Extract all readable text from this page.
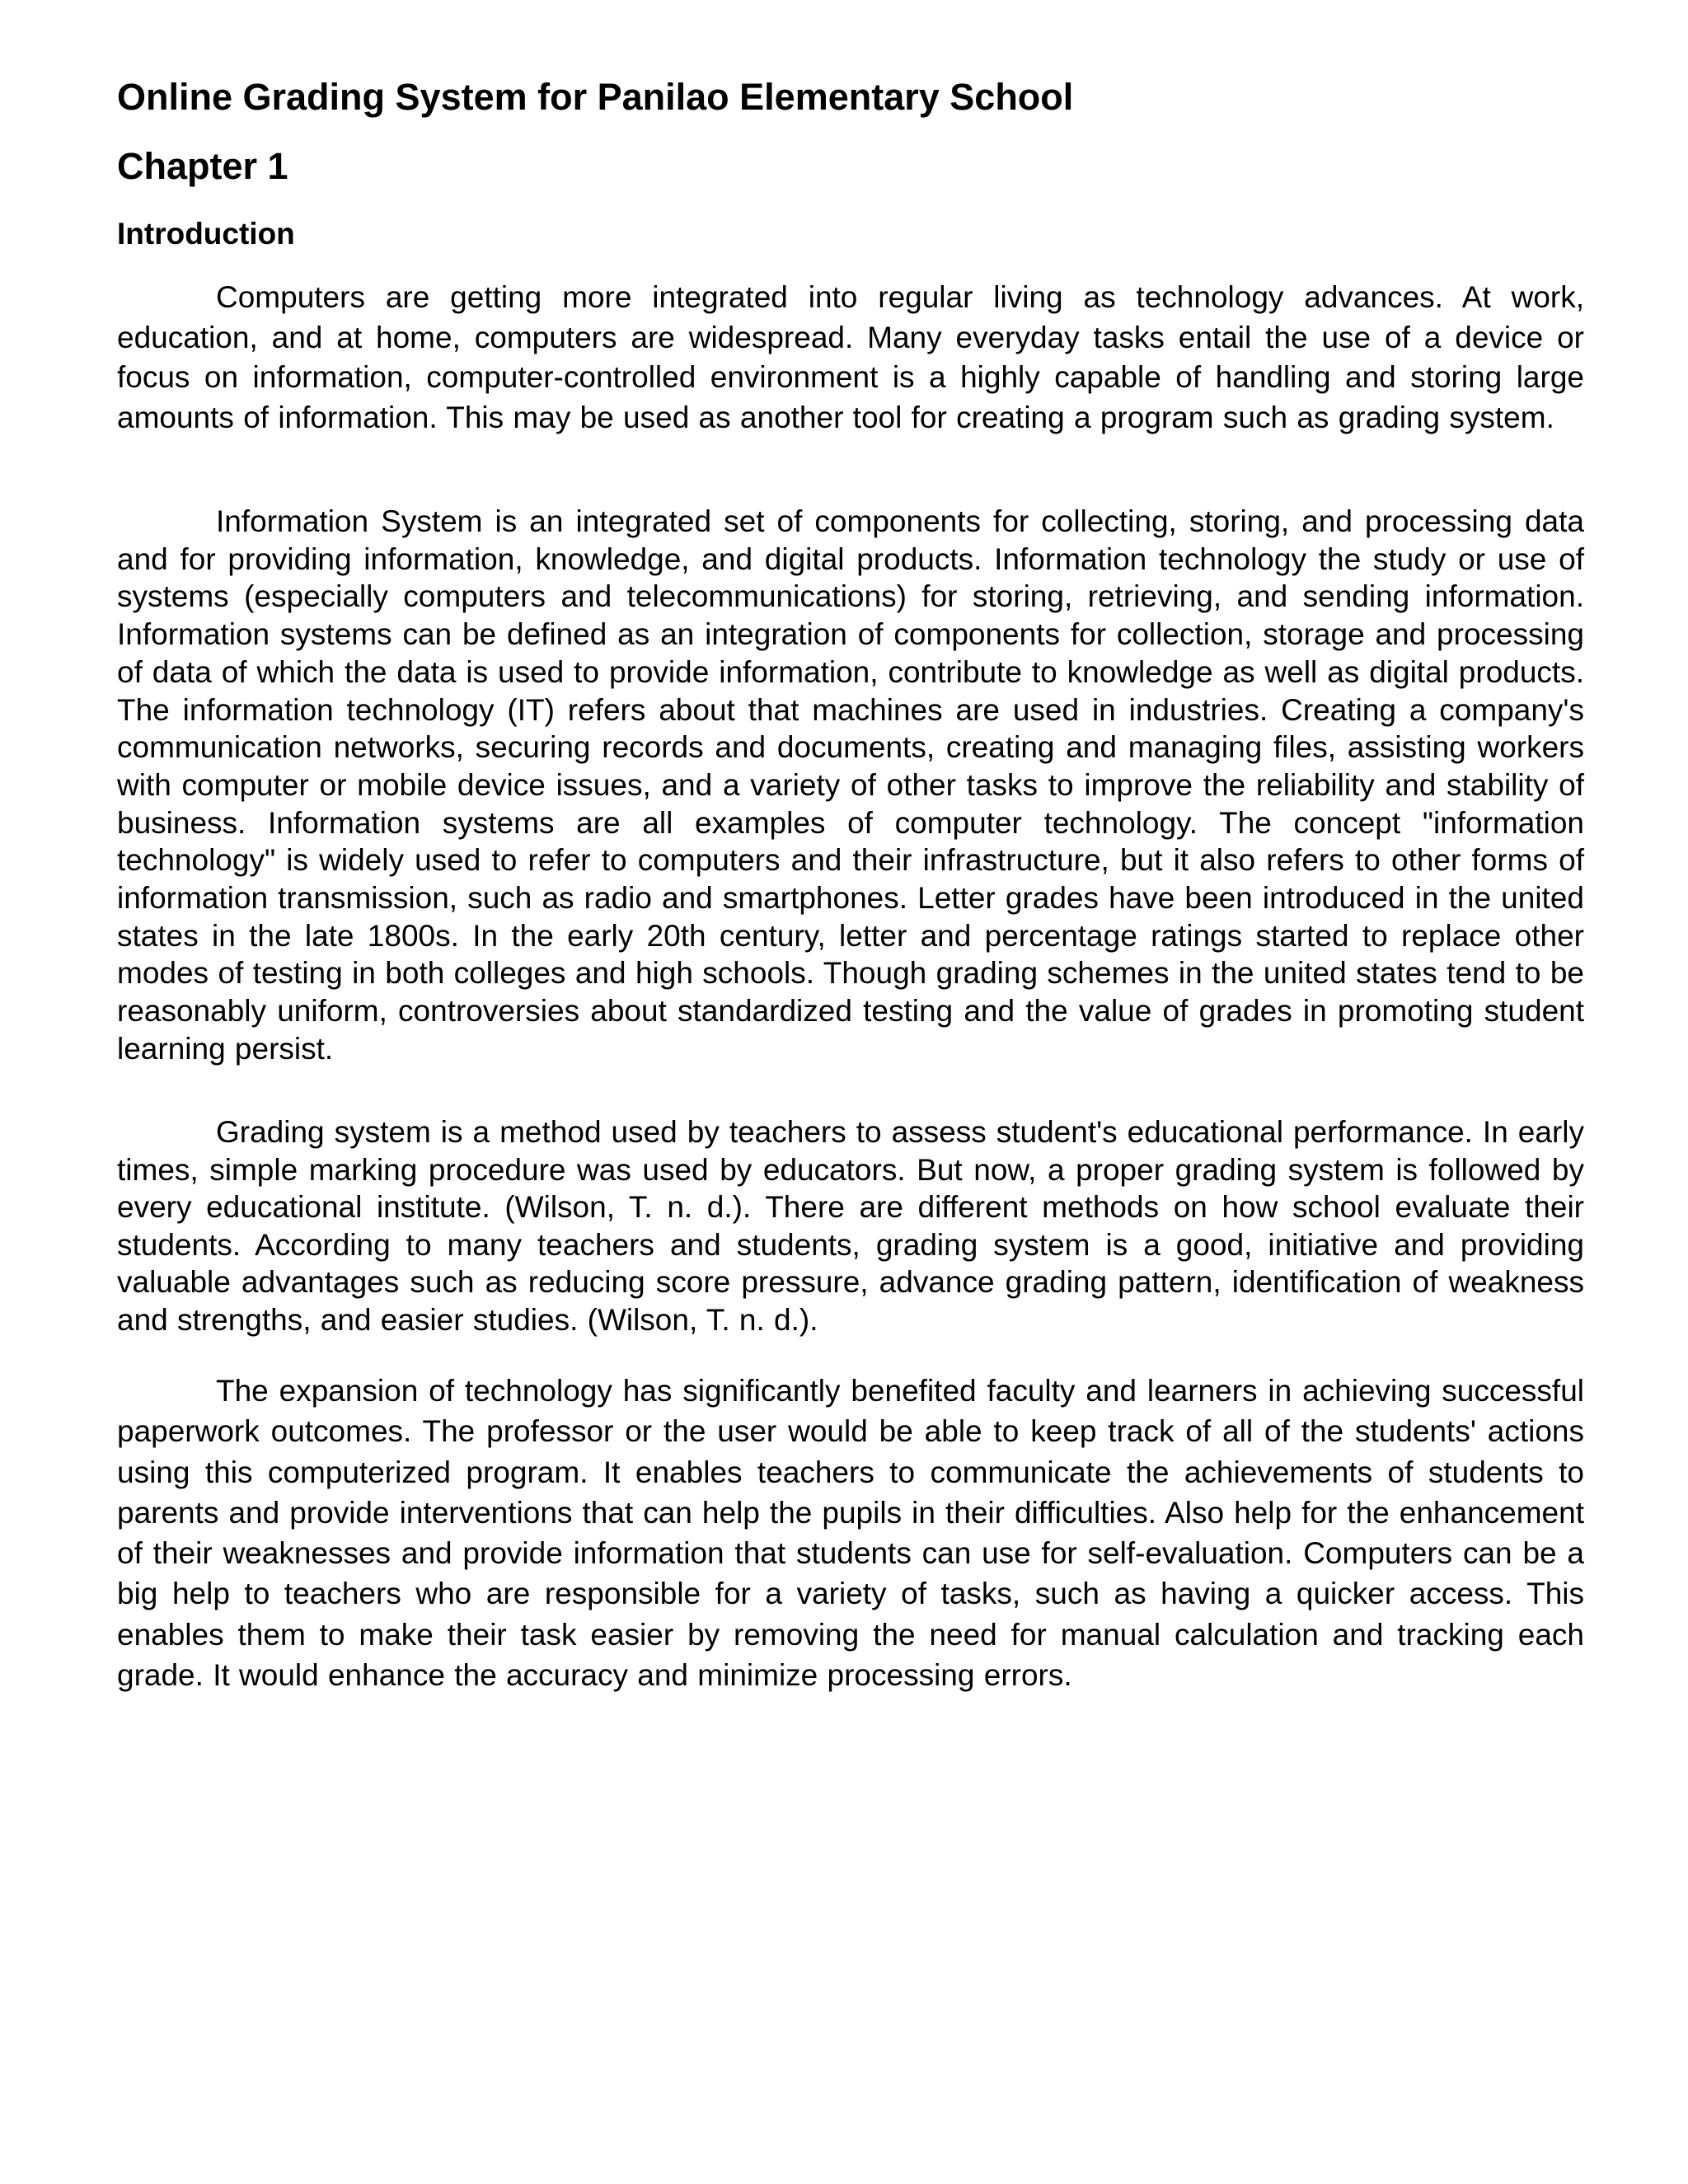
Online Grading System for Panilao Elementary School
Chapter 1
Introduction

Computers are getting more integrated into regular living as technology advances. At work, education, and at home, computers are widespread. Many everyday tasks entail the use of a device or focus on information, computer-controlled environment is a highly capable of handling and storing large amounts of information. This may be used as another tool for creating a program such as grading system.

Information System is an integrated set of components for collecting, storing, and processing data and for providing information, knowledge, and digital products. Information technology the study or use of systems (especially computers and telecommunications) for storing, retrieving, and sending information. Information systems can be defined as an integration of components for collection, storage and processing of data of which the data is used to provide information, contribute to knowledge as well as digital products. The information technology (IT) refers about that machines are used in industries. Creating a company's communication networks, securing records and documents, creating and managing files, assisting workers with computer or mobile device issues, and a variety of other tasks to improve the reliability and stability of business. Information systems are all examples of computer technology. The concept "information technology" is widely used to refer to computers and their infrastructure, but it also refers to other forms of information transmission, such as radio and smartphones. Letter grades have been introduced in the united states in the late 1800s. In the early 20th century, letter and percentage ratings started to replace other modes of testing in both colleges and high schools. Though grading schemes in the united states tend to be reasonably uniform, controversies about standardized testing and the value of grades in promoting student learning persist.

Grading system is a method used by teachers to assess student's educational performance. In early times, simple marking procedure was used by educators. But now, a proper grading system is followed by every educational institute. (Wilson, T. n. d.). There are different methods on how school evaluate their students. According to many teachers and students, grading system is a good, initiative and providing valuable advantages such as reducing score pressure, advance grading pattern, identification of weakness and strengths, and easier studies. (Wilson, T. n. d.).

The expansion of technology has significantly benefited faculty and learners in achieving successful paperwork outcomes. The professor or the user would be able to keep track of all of the students' actions using this computerized program. It enables teachers to communicate the achievements of students to parents and provide interventions that can help the pupils in their difficulties. Also help for the enhancement of their weaknesses and provide information that students can use for self-evaluation. Computers can be a big help to teachers who are responsible for a variety of tasks, such as having a quicker access. This enables them to make their task easier by removing the need for manual calculation and tracking each grade. It would enhance the accuracy and minimize processing errors.
